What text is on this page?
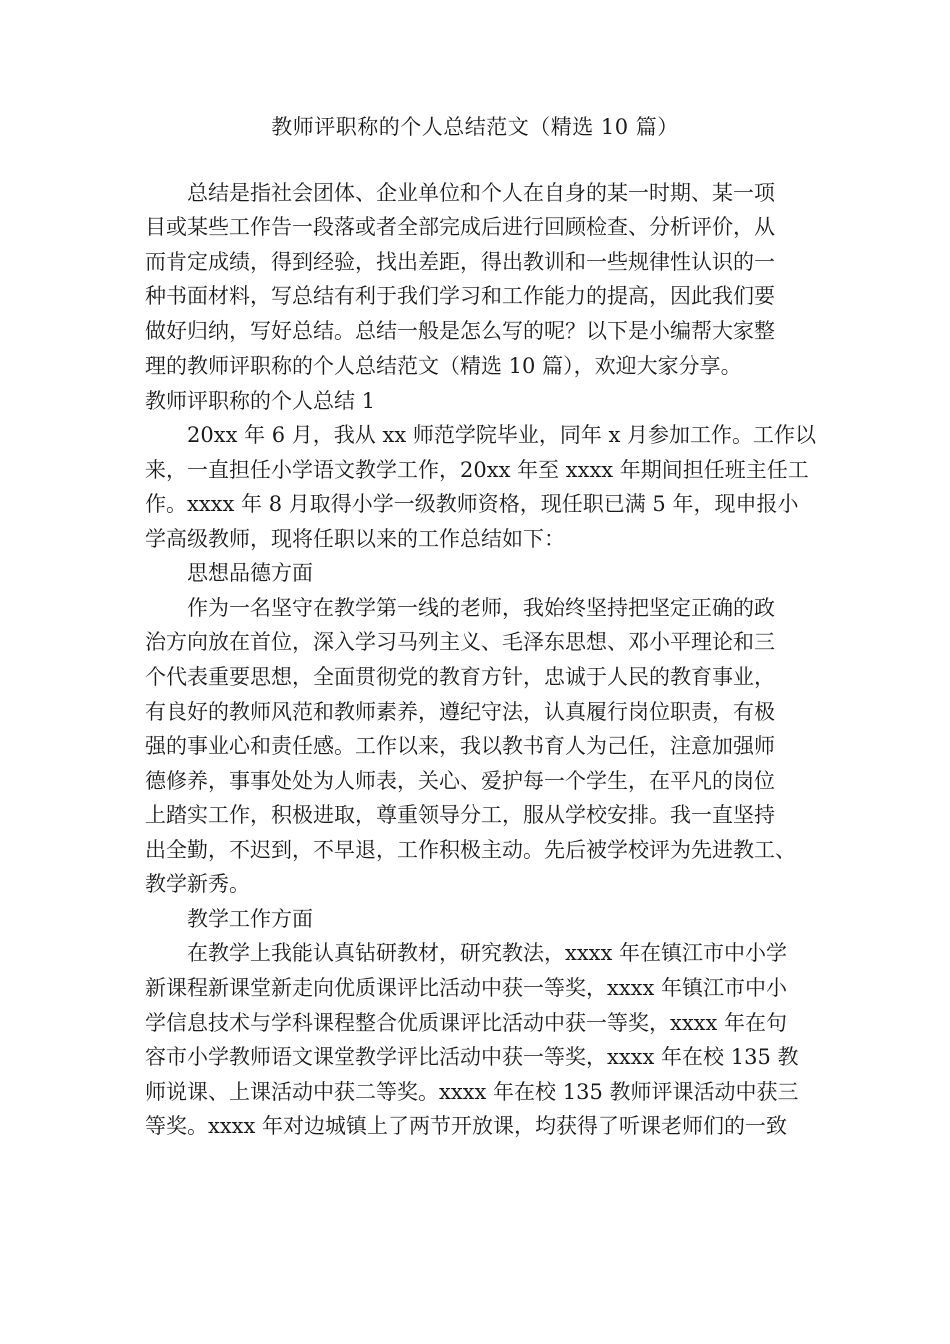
教师评职称的个人总结范文（精选 10 篇）
总结是指社会团体、企业单位和个人在自身的某一时期、某一项
目或某些工作告一段落或者全部完成后进行回顾检查、分析评价，从
而肯定成绩，得到经验，找出差距，得出教训和一些规律性认识的一
种书面材料，写总结有利于我们学习和工作能力的提高，因此我们要
做好归纳，写好总结。总结一般是怎么写的呢？以下是小编帮大家整
理的教师评职称的个人总结范文（精选 10 篇），欢迎大家分享。
教师评职称的个人总结 1
20xx 年 6 月，我从 xx 师范学院毕业，同年 x 月参加工作。工作以
来，一直担任小学语文教学工作，20xx 年至 xxxx 年期间担任班主任工
作。xxxx 年 8 月取得小学一级教师资格，现任职已满 5 年，现申报小
学高级教师，现将任职以来的工作总结如下：
思想品德方面
作为一名坚守在教学第一线的老师，我始终坚持把坚定正确的政
治方向放在首位，深入学习马列主义、毛泽东思想、邓小平理论和三
个代表重要思想，全面贯彻党的教育方针，忠诚于人民的教育事业，
有良好的教师风范和教师素养，遵纪守法，认真履行岗位职责，有极
强的事业心和责任感。工作以来，我以教书育人为己任，注意加强师
德修养，事事处处为人师表，关心、爱护每一个学生，在平凡的岗位
上踏实工作，积极进取，尊重领导分工，服从学校安排。我一直坚持
出全勤，不迟到，不早退，工作积极主动。先后被学校评为先进教工、
教学新秀。
教学工作方面
在教学上我能认真钻研教材，研究教法，xxxx 年在镇江市中小学
新课程新课堂新走向优质课评比活动中获一等奖，xxxx 年镇江市中小
学信息技术与学科课程整合优质课评比活动中获一等奖，xxxx 年在句
容市小学教师语文课堂教学评比活动中获一等奖，xxxx 年在校 135 教
师说课、上课活动中获二等奖。xxxx 年在校 135 教师评课活动中获三
等奖。xxxx 年对边城镇上了两节开放课，均获得了听课老师们的一致
